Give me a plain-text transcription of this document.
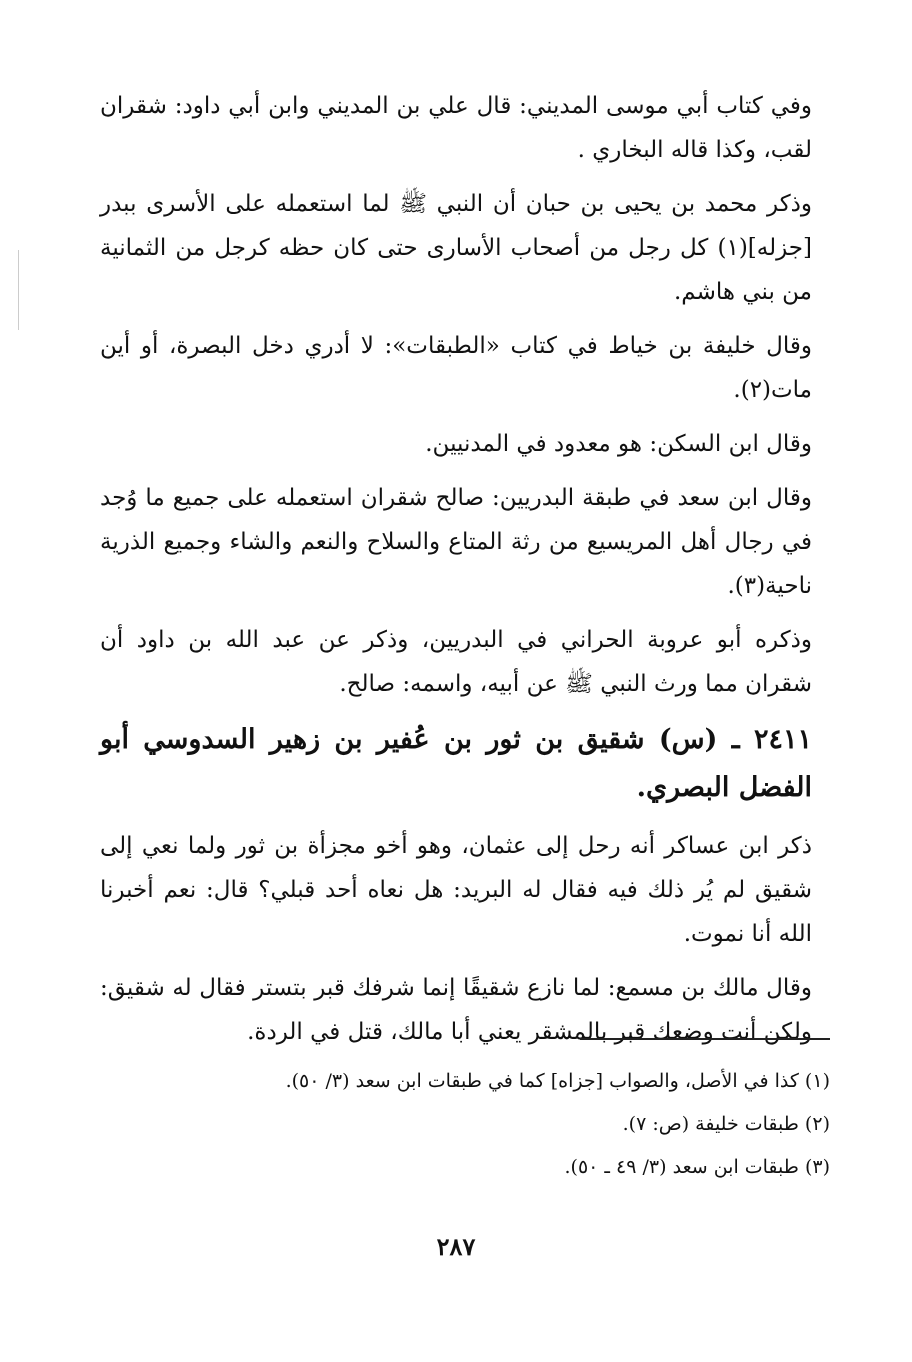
وفي كتاب أبي موسى المديني: قال علي بن المديني وابن أبي داود: شقران لقب، وكذا قاله البخاري .

وذكر محمد بن يحيى بن حبان أن النبي ﷺ لما استعمله على الأسرى ببدر [جزله](١) كل رجل من أصحاب الأسارى حتى كان حظه كرجل من الثمانية من بني هاشم.

وقال خليفة بن خياط في كتاب «الطبقات»: لا أدري دخل البصرة، أو أين مات(٢).

وقال ابن السكن: هو معدود في المدنيين.

وقال ابن سعد في طبقة البدريين: صالح شقران استعمله على جميع ما وُجد في رجال أهل المريسيع من رثة المتاع والسلاح والنعم والشاء وجميع الذرية ناحية(٣).

وذكره أبو عروبة الحراني في البدريين، وذكر عن عبد الله بن داود أن شقران مما ورث النبي ﷺ عن أبيه، واسمه: صالح.

٢٤١١ ـ (س) شقيق بن ثور بن عُفير بن زهير السدوسي أبو الفضل البصري.

ذكر ابن عساكر أنه رحل إلى عثمان، وهو أخو مجزأة بن ثور ولما نعي إلى شقيق لم يُر ذلك فيه فقال له البريد: هل نعاه أحد قبلي؟ قال: نعم أخبرنا الله أنا نموت.

وقال مالك بن مسمع: لما نازع شقيقًا إنما شرفك قبر بتستر فقال له شقيق: ولكن أنت وضعك قبر بالمشقر يعني أبا مالك، قتل في الردة.

(١) كذا في الأصل، والصواب [جزاه] كما في طبقات ابن سعد (٣/ ٥٠).

(٢) طبقات خليفة (ص: ٧).

(٣) طبقات ابن سعد (٣/ ٤٩ ـ ٥٠).

٢٨٧
